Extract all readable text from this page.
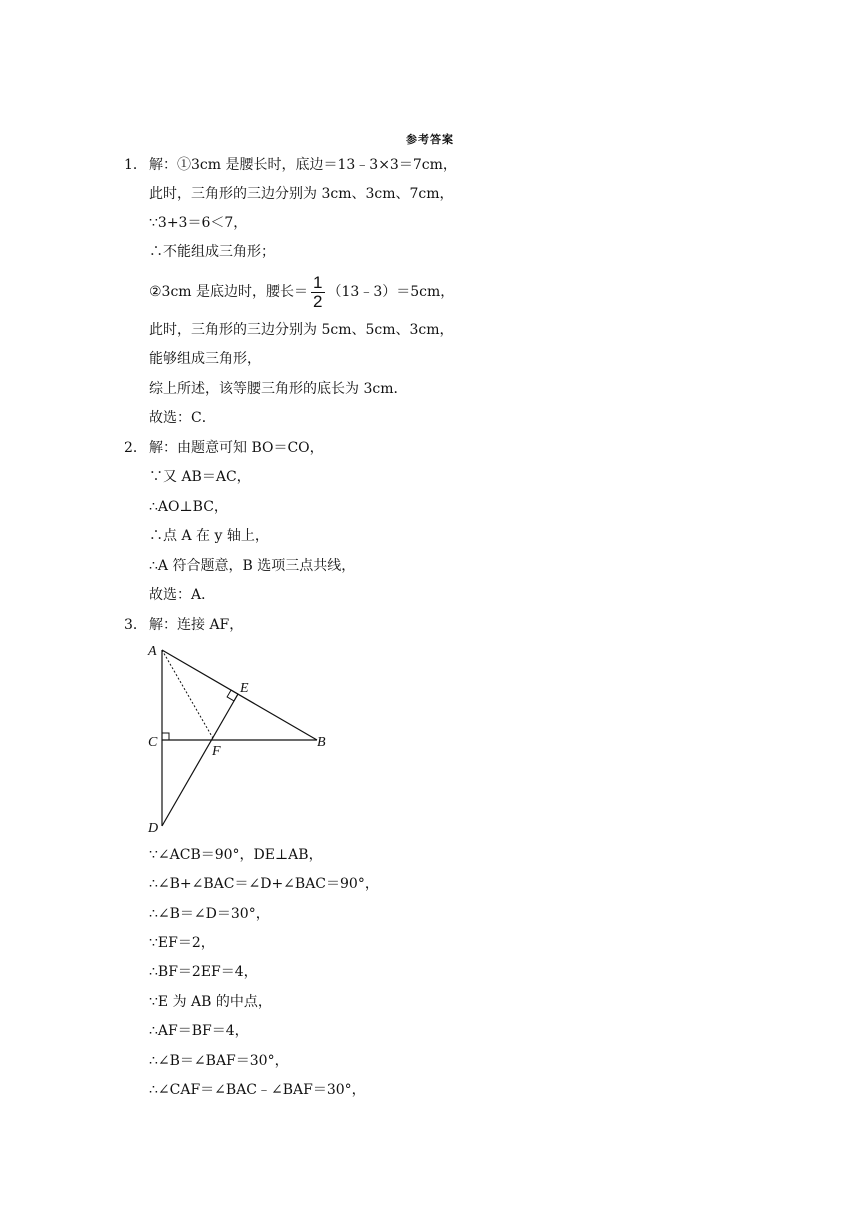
参考答案
1． 解：①3cm 是腰长时，底边＝13﹣3×3＝7cm，
此时，三角形的三边分别为 3cm、3cm、7cm，
∵3+3＝6＜7，
∴不能组成三角形；
②3cm 是底边时，腰长＝ $\frac{1}{2}$ （13﹣3）＝5cm，
此时，三角形的三边分别为 5cm、5cm、3cm，
能够组成三角形，
综上所述，该等腰三角形的底长为 3cm．
故选：C．
2． 解：由题意可知 BO＝CO，
∵又 AB＝AC，
∴AO⊥BC，
∴点 A 在 y 轴上，
∴A 符合题意，B 选项三点共线，
故选：A．
3． 解：连接 AF，
A
E
C
F
B
D
∵∠ACB＝90°，DE⊥AB，
∴∠B+∠BAC＝∠D+∠BAC＝90°，
∴∠B＝∠D＝30°，
∵EF＝2，
∴BF＝2EF＝4，
∵E 为 AB 的中点，
∴AF＝BF＝4，
∴∠B＝∠BAF＝30°，
∴∠CAF＝∠BAC﹣∠BAF＝30°，
